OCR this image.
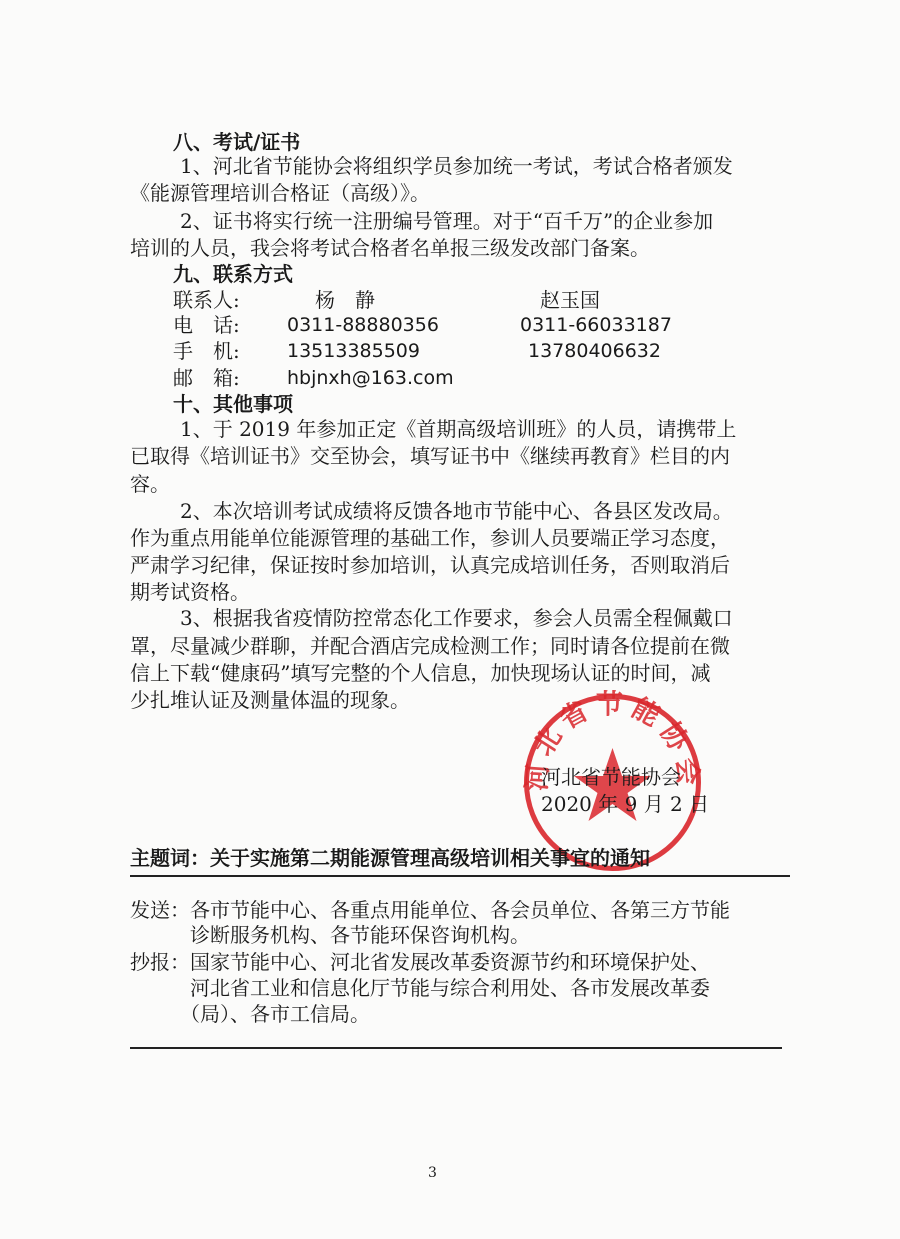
八、考试/证书
1、河北省节能协会将组织学员参加统一考试，考试合格者颁发
《能源管理培训合格证（高级）》。
2、证书将实行统一注册编号管理。对于“百千万”的企业参加
培训的人员，我会将考试合格者名单报三级发改部门备案。
九、联系方式
联系人:	杨　静	赵玉国
电　话: 0311-88880356	0311-66033187
手　机: 13513385509	13780406632
邮　箱: hbjnxh@163.com
十、其他事项
1、于 2019 年参加正定《首期高级培训班》的人员，请携带上
已取得《培训证书》交至协会，填写证书中《继续再教育》栏目的内
容。
2、本次培训考试成绩将反馈各地市节能中心、各县区发改局。
作为重点用能单位能源管理的基础工作，参训人员要端正学习态度，
严肃学习纪律，保证按时参加培训，认真完成培训任务，否则取消后
期考试资格。
3、根据我省疫情防控常态化工作要求，参会人员需全程佩戴口
罩，尽量减少群聊，并配合酒店完成检测工作；同时请各位提前在微
信上下载“健康码”填写完整的个人信息，加快现场认证的时间，减
少扎堆认证及测量体温的现象。
河北省节能协会
河北省节能协会
2020 年 9 月 2 日
主题词：关于实施第二期能源管理高级培训相关事宜的通知
发送： 各市节能中心、各重点用能单位、各会员单位、各第三方节能
诊断服务机构、各节能环保咨询机构。
抄报： 国家节能中心、河北省发展改革委资源节约和环境保护处、
河北省工业和信息化厅节能与综合利用处、各市发展改革委
（局）、各市工信局。
3
